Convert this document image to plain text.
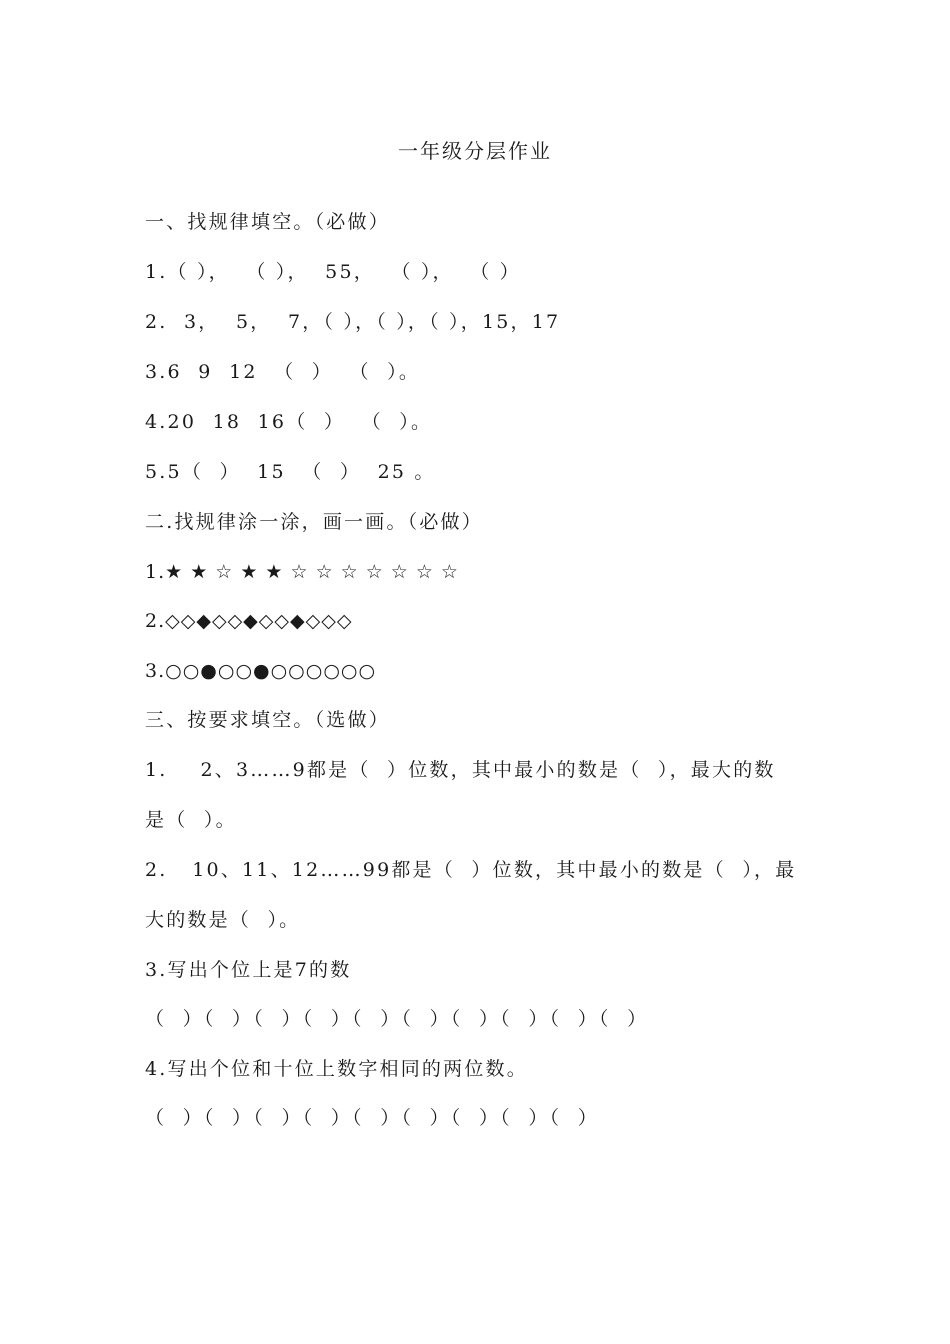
一年级分层作业
一、找规律填空。（必做）
1.（ ），  （ ），  55，  （ ），  （ ）
2.  3，  5，  7，（ ），（ ），（ ），15，17
3.6  9  12  （  ）  （  ）。
4.20  18  16（  ）  （  ）。
5.5（  ）  15  （  ）  25 。
二.找规律涂一涂，画一画。（必做）
1.★ ★ ☆ ★ ★ ☆ ☆ ☆ ☆ ☆ ☆ ☆
2.◇◇◆◇◇◆◇◇◆◇◇◇
3.○○●○○●○○○○○○
三、按要求填空。（选做）
1.    2、3……9都是（  ）位数，其中最小的数是（  ），最大的数
是（  ）。
2.   10、11、12……99都是（  ）位数，其中最小的数是（  ），最
大的数是（  ）。
3.写出个位上是7的数
（  ）（  ）（  ）（  ）（  ）（  ）（  ）（  ）（  ）（  ）
4.写出个位和十位上数字相同的两位数。
（  ）（  ）（  ）（  ）（  ）（  ）（  ）（  ）（  ）
